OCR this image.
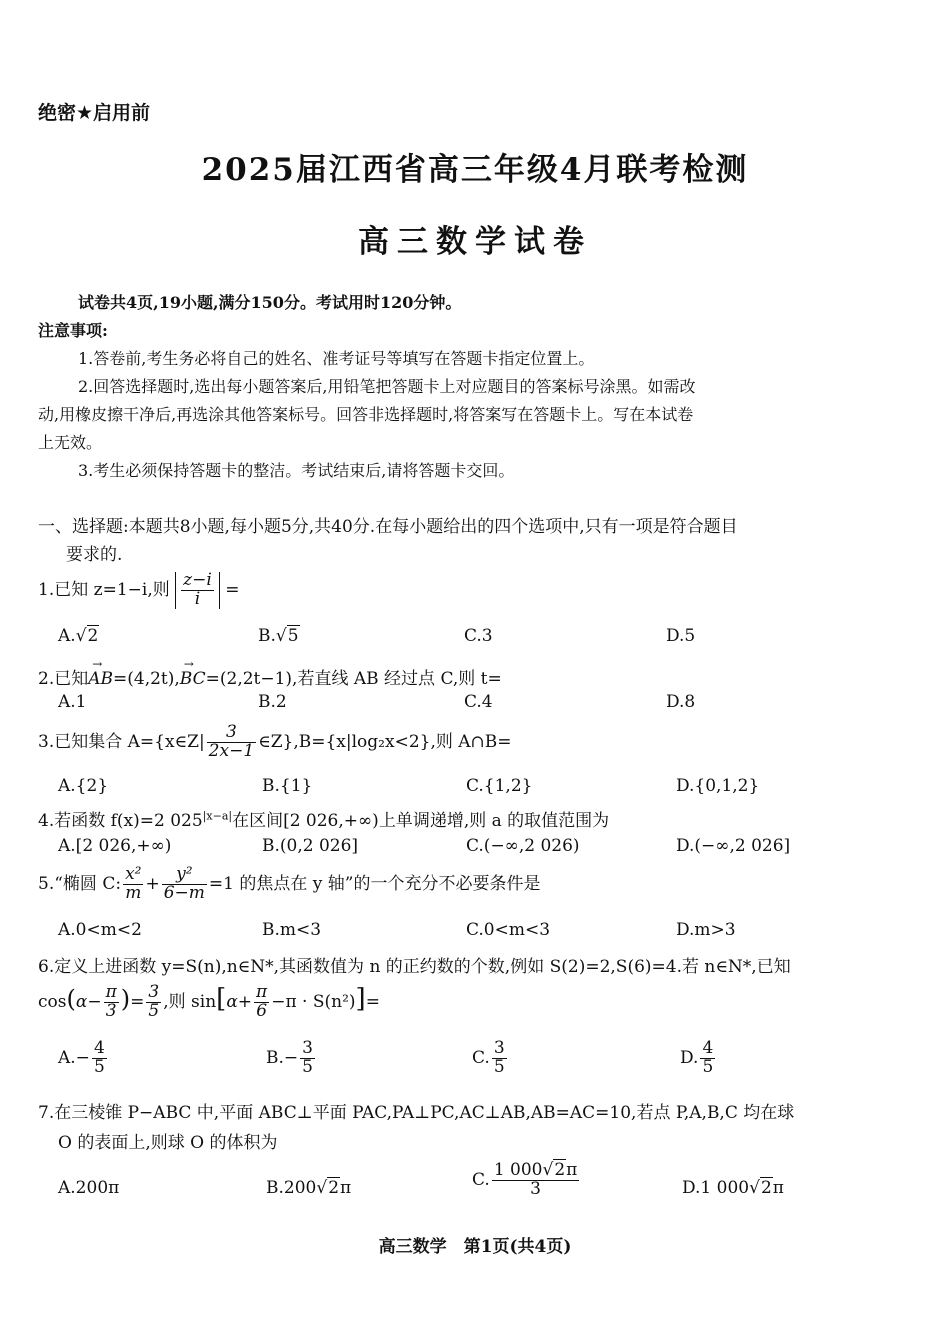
绝密★启用前
2025届江西省高三年级4月联考检测
高三数学试卷
试卷共4页,19小题,满分150分。考试用时120分钟。
注意事项:
1.答卷前,考生务必将自己的姓名、准考证号等填写在答题卡指定位置上。
2.回答选择题时,选出每小题答案后,用铅笔把答题卡上对应题目的答案标号涂黑。如需改
动,用橡皮擦干净后,再选涂其他答案标号。回答非选择题时,将答案写在答题卡上。写在本试卷
上无效。
3.考生必须保持答题卡的整洁。考试结束后,请将答题卡交回。
一、选择题:本题共8小题,每小题5分,共40分.在每小题给出的四个选项中,只有一项是符合题目
要求的.
1.已知 z=1−i,则 $\frac{z-i}{i}$ =
A.√2	B.√5	C.3	D.5
2.已知→ AB=(4,2t),→ BC=(2,2t−1),若直线 AB 经过点 C,则 t=
A.1	B.2	C.4	D.8
3.已知集合 A={x∈Z| $\frac{3}{2x-1}$ ∈Z},B={x|log₂x<2},则 A∩B=
A.{2}	B.{1}	C.{1,2}	D.{0,1,2}
4.若函数 f(x)=2 $025^{|x-a|}$在区间[2 026,+∞)上单调递增,则 a 的取值范围为
A.[2 026,+∞)	B.(0,2 026]	C.(−∞,2 026)	D.(−∞,2 026]
5.“椭圆 C: $\frac{\text{x²}}{m} + \frac{\text{y²}}{6-m} =1$ 的焦点在 y 轴”的一个充分不必要条件是
A.0<m<2	B.m<3	C.0<m<3	D.m>3
6.定义上进函数 y=S(n),n∈N*,其函数值为 n 的正约数的个数,例如 S(2)=2,S(6)=4.若 n∈N*,已知
$\cos(\alpha- \frac{\pi}{3}$ )= $\frac{3}{5}$ ,则 $\sin[\alpha+ \frac{\pi}{6} -\pi \cdot S(n^2)]=$
$A.- \frac{4}{5}$	$B.- \frac{3}{5}$	C. $\frac{3}{5}$	D. $\frac{4}{5}$
7.在三棱锥 P−ABC 中,平面 ABC⊥平面 PAC,PA⊥PC,AC⊥AB,AB=AC=10,若点 P,A,B,C 均在球
O 的表面上,则球 O 的体积为
A.200π	B.200√2π	C. $\frac{1 000√2\pi}{3}$	D.1 000√2π
高三数学　第1页(共4页)
